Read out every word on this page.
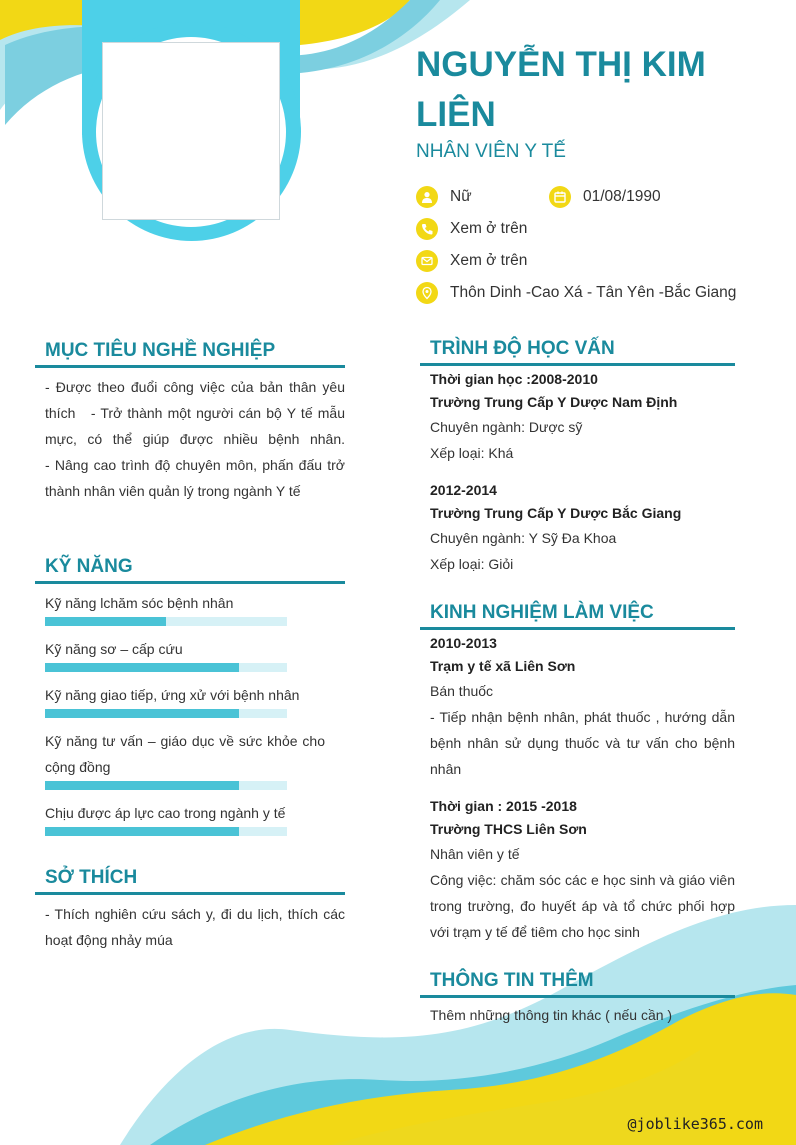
NGUYỄN THỊ KIM LIÊN
NHÂN VIÊN Y TẾ
Nữ	01/08/1990
Xem ở trên
Xem ở trên
Thôn Dinh -Cao Xá - Tân Yên -Bắc Giang
MỤC TIÊU NGHỀ NGHIỆP
- Được theo đuổi công việc của bản thân yêu thích   - Trở thành một người cán bộ Y tế mẫu mực, có thể giúp được nhiều bệnh nhân.                                    - Nâng cao trình độ chuyên môn, phấn đấu trở thành nhân viên quản lý trong ngành Y tế
KỸ NĂNG
Kỹ năng lchăm sóc bệnh nhân
Kỹ năng sơ – cấp cứu
Kỹ năng giao tiếp, ứng xử với bệnh nhân
Kỹ năng tư vấn – giáo dục về sức khỏe cho cộng đồng
Chịu được áp lực cao trong ngành y tế
SỞ THÍCH
- Thích nghiên cứu sách y, đi du lịch, thích các hoạt động nhảy múa
TRÌNH ĐỘ HỌC VẤN
Thời gian học :2008-2010
Trường Trung Cấp Y Dược Nam Định
Chuyên ngành: Dược sỹ
Xếp loại: Khá
2012-2014
Trường Trung Cấp Y Dược Bắc Giang
Chuyên ngành: Y Sỹ Đa Khoa
Xếp loại: Giỏi
KINH NGHIỆM LÀM VIỆC
2010-2013
Trạm y tế xã Liên Sơn
Bán thuốc
- Tiếp nhận bệnh nhân, phát thuốc , hướng dẫn bệnh nhân sử dụng thuốc và tư vấn cho bệnh nhân
Thời gian : 2015 -2018
Trường THCS Liên Sơn
Nhân viên y tế
Công việc: chăm sóc các e học sinh và giáo viên trong trường, đo huyết áp và tổ chức phối hợp với trạm y tế để tiêm cho học sinh
THÔNG TIN THÊM
Thêm những thông tin khác ( nếu cần )
@joblike365.com
